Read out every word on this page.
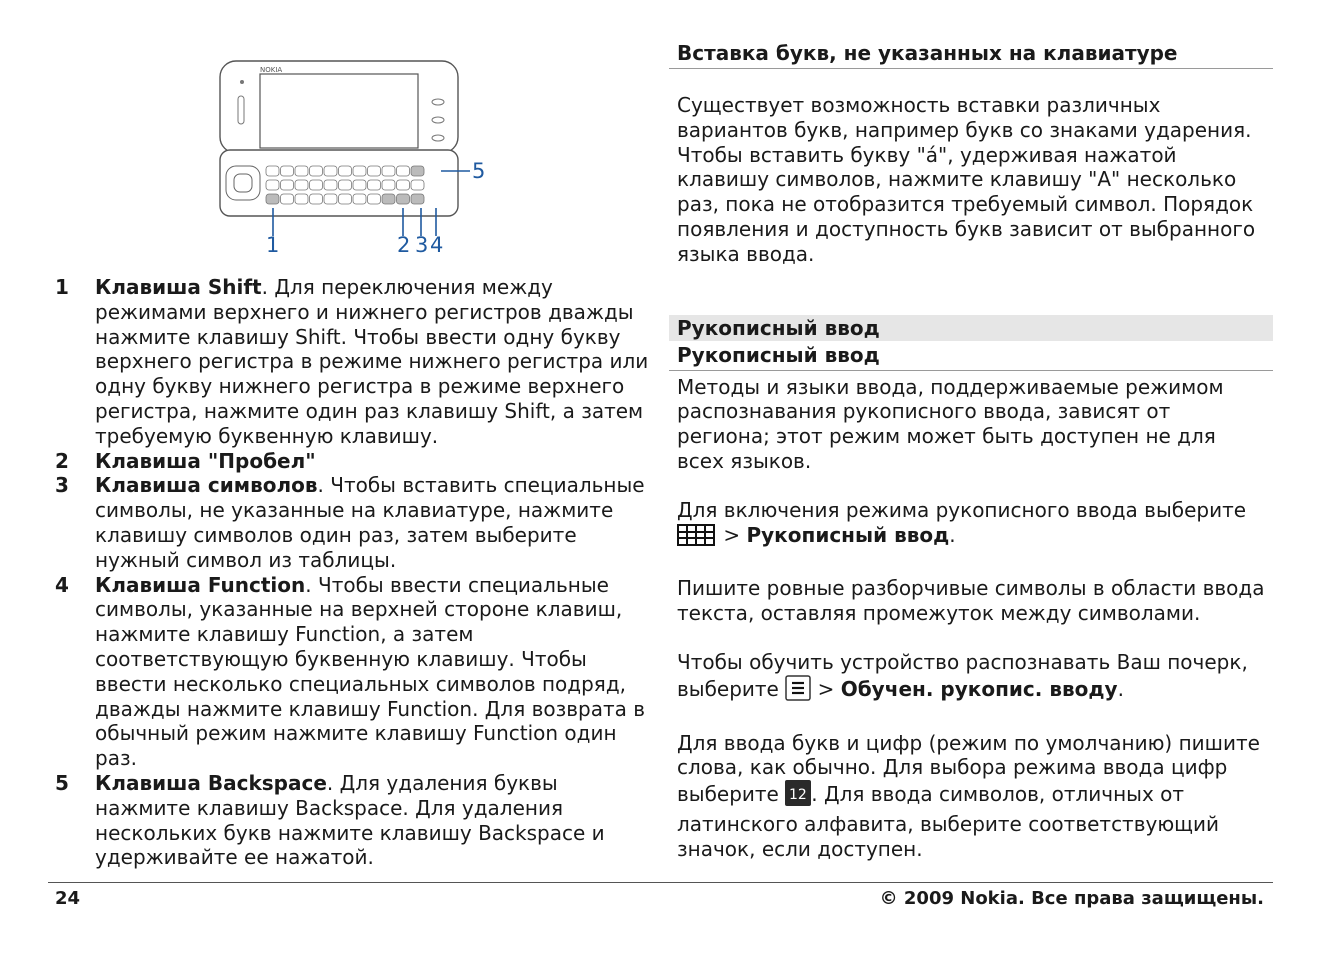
NOKIA
1	2 3 4
5
1	Клавиша Shift. Для переключения между режимами верхнего и нижнего регистров дважды нажмите клавишу Shift. Чтобы ввести одну букву верхнего регистра в режиме нижнего регистра или одну букву нижнего регистра в режиме верхнего регистра, нажмите один раз клавишу Shift, а затем требуемую буквенную клавишу.
2	Клавиша "Пробел"
3	Клавиша символов. Чтобы вставить специальные символы, не указанные на клавиатуре, нажмите клавишу символов один раз, затем выберите нужный символ из таблицы.
4	Клавиша Function. Чтобы ввести специальные символы, указанные на верхней стороне клавиш, нажмите клавишу Function, а затем соответствующую буквенную клавишу. Чтобы ввести несколько специальных символов подряд, дважды нажмите клавишу Function. Для возврата в обычный режим нажмите клавишу Function один раз.
5	Клавиша Backspace. Для удаления буквы нажмите клавишу Backspace. Для удаления нескольких букв нажмите клавишу Backspace и удерживайте ее нажатой.
Вставка букв, не указанных на клавиатуре

Существует возможность вставки различных вариантов букв, например букв со знаками ударения. Чтобы вставить букву "á", удерживая нажатой клавишу символов, нажмите клавишу "A" несколько раз, пока не отобразится требуемый символ. Порядок появления и доступность букв зависит от выбранного языка ввода.

Рукописный ввод
Рукописный ввод

Методы и языки ввода, поддерживаемые режимом распознавания рукописного ввода, зависят от региона; этот режим может быть доступен не для всех языков.

Для включения режима рукописного ввода выберите
> Рукописный ввод.

Пишите ровные разборчивые символы в области ввода текста, оставляя промежуток между символами.

Чтобы обучить устройство распознавать Ваш почерк, выберите  > Обучен. рукопис. вводу.

Для ввода букв и цифр (режим по умолчанию) пишите слова, как обычно. Для выбора режима ввода цифр выберите 12 . Для ввода символов, отличных от латинского алфавита, выберите соответствующий значок, если доступен.

24	© 2009 Nokia. Все права защищены.
